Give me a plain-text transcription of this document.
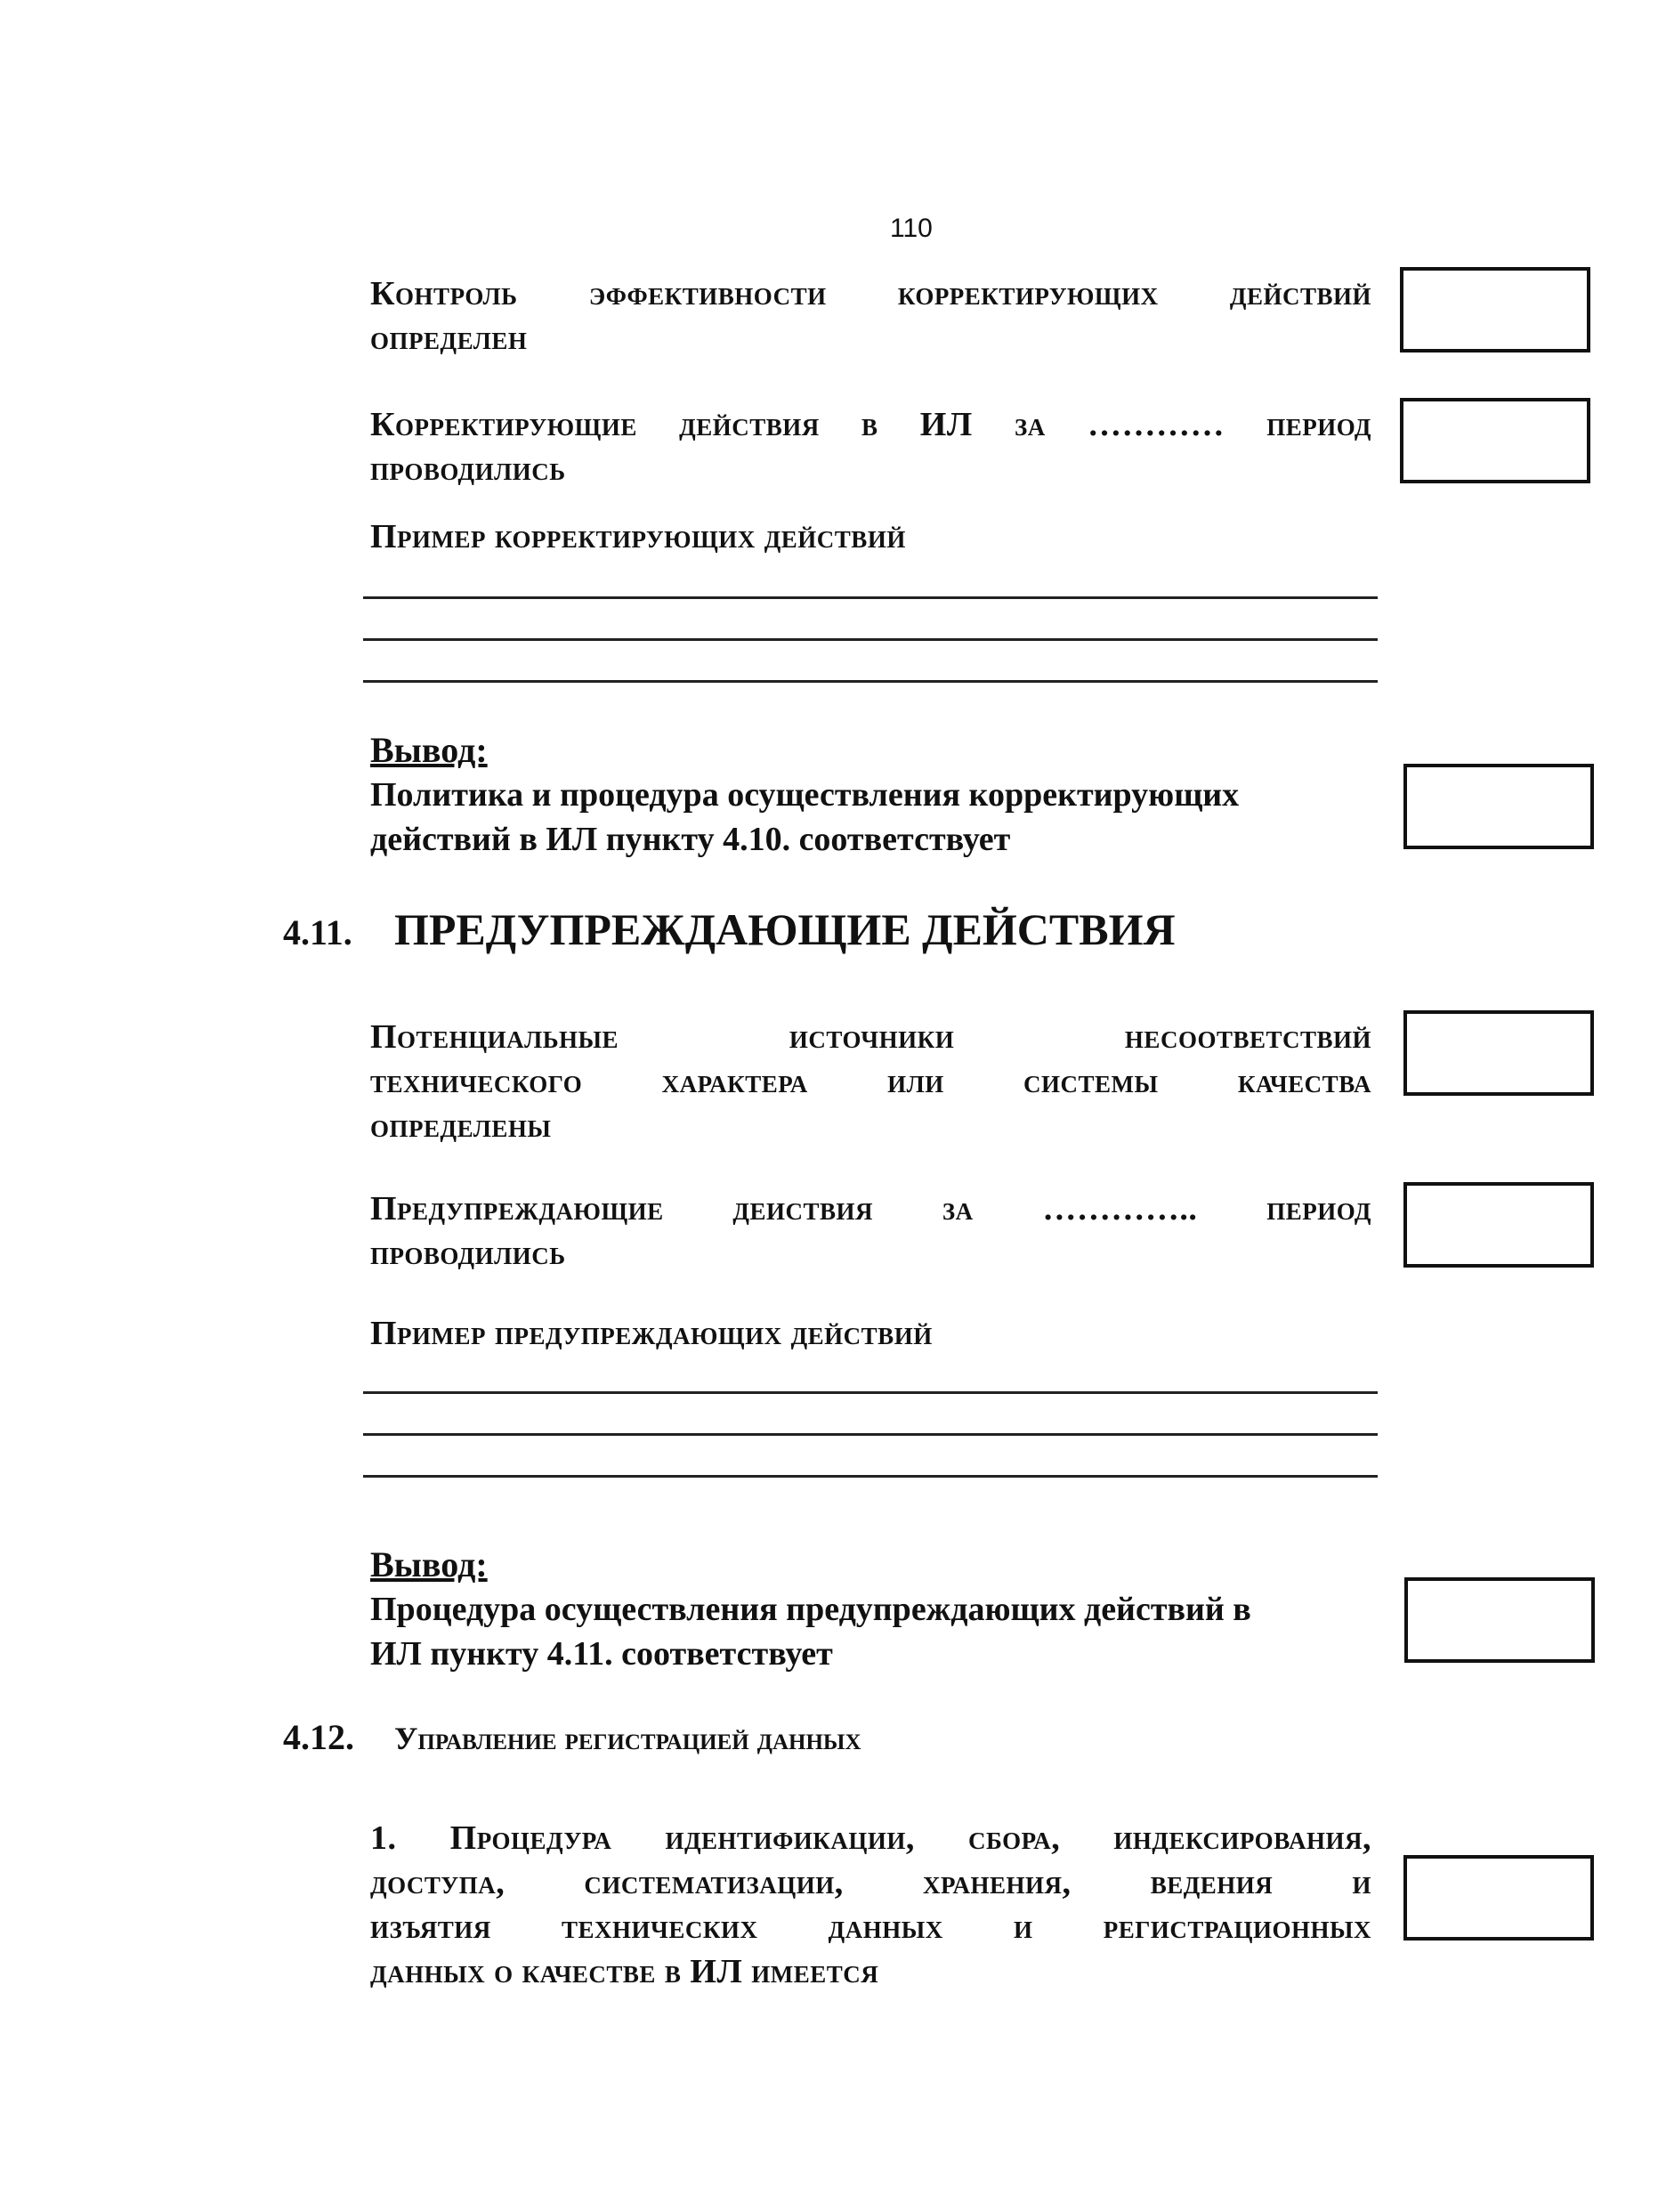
110
Контроль эффективности корректирующих действий
определен
Корректирующие действия в ИЛ за ………… период
проводились
Пример корректирующих действий
Вывод:
Политика и процедура осуществления корректирующих
действий в ИЛ пункту 4.10. соответствует
4.11. ПРЕДУПРЕЖДАЮЩИЕ ДЕЙСТВИЯ
Потенциальные источники несоответствий
технического характера или системы качества
определены
Предупреждающие деиствия за ………….. период
проводились
Пример предупреждающих действий
Вывод:
Процедура осуществления предупреждающих действий в
ИЛ пункту 4.11. соответствует
4.12. Управление регистрацией данных
1. Процедура идентификации, сбора, индексирования,
доступа, систематизации, хранения, ведения и
изъятия технических данных и регистрационных
данных о качестве в ИЛ имеется
